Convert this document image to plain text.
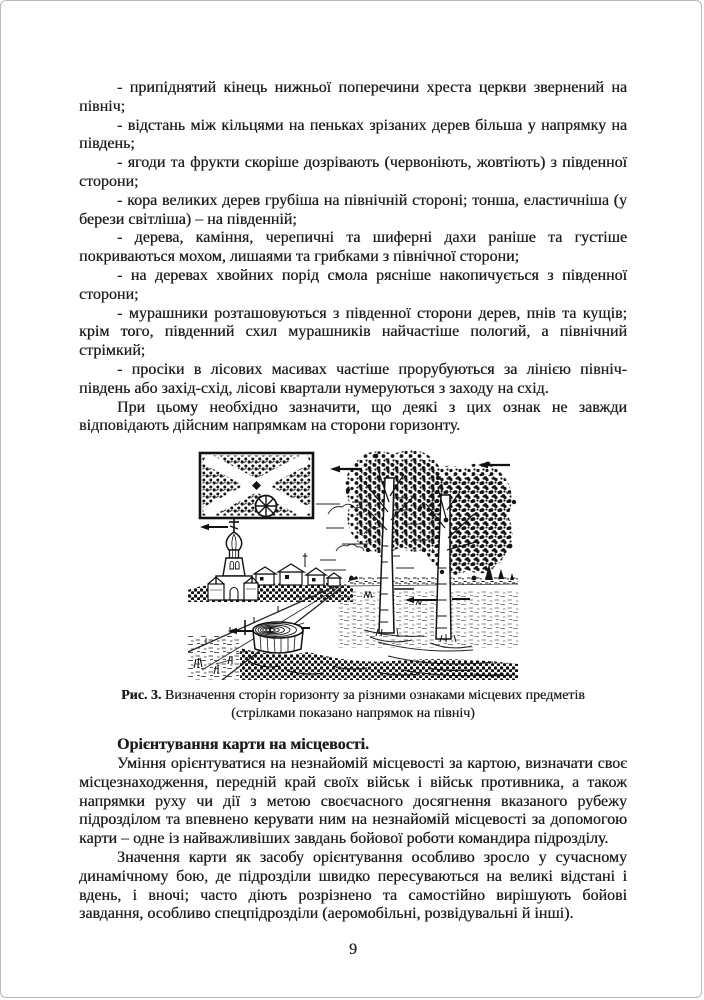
- припіднятий кінець нижньої поперечини хреста церкви звернений на північ;

- відстань між кільцями на пеньках зрізаних дерев більша у напрямку на південь;

- ягоди та фрукти скоріше дозрівають (червоніють, жовтіють) з південної сторони;

- кора великих дерев грубіша на північній стороні; тонша, еластичніша (у берези світліша) – на південній;

- дерева, каміння, черепичні та шиферні дахи раніше та густіше покриваються мохом, лишаями та грибками з північної сторони;

- на деревах хвойних порід смола рясніше накопичується з південної сторони;

- мурашники розташовуються з південної сторони дерев, пнів та кущів; крім того, південний схил мурашників найчастіше пологий, а північний стрімкий;

- просіки в лісових масивах частіше прорубуються за лінією північ-південь або захід-схід, лісові квартали нумеруються з заходу на схід.

При цьому необхідно зазначити, що деякі з цих ознак не завжди відповідають дійсним напрямкам на сторони горизонту.

Рис. 3. Визначення сторін горизонту за різними ознаками місцевих предметів (стрілками показано напрямок на північ)
Орієнтування карти на місцевості.

Уміння орієнтуватися на незнайомій місцевості за картою, визначати своє місцезнаходження, передній край своїх військ і військ противника, а також напрямки руху чи дії з метою своєчасного досягнення вказаного рубежу підрозділом та впевнено керувати ним на незнайомій місцевості за допомогою карти – одне із найважливіших завдань бойової роботи командира підрозділу.

Значення карти як засобу орієнтування особливо зросло у сучасному динамічному бою, де підрозділи швидко пересуваються на великі відстані і вдень, і вночі; часто діють розрізнено та самостійно вирішують бойові завдання, особливо спецпідрозділи (аеромобільні, розвідувальні й інші).

9
